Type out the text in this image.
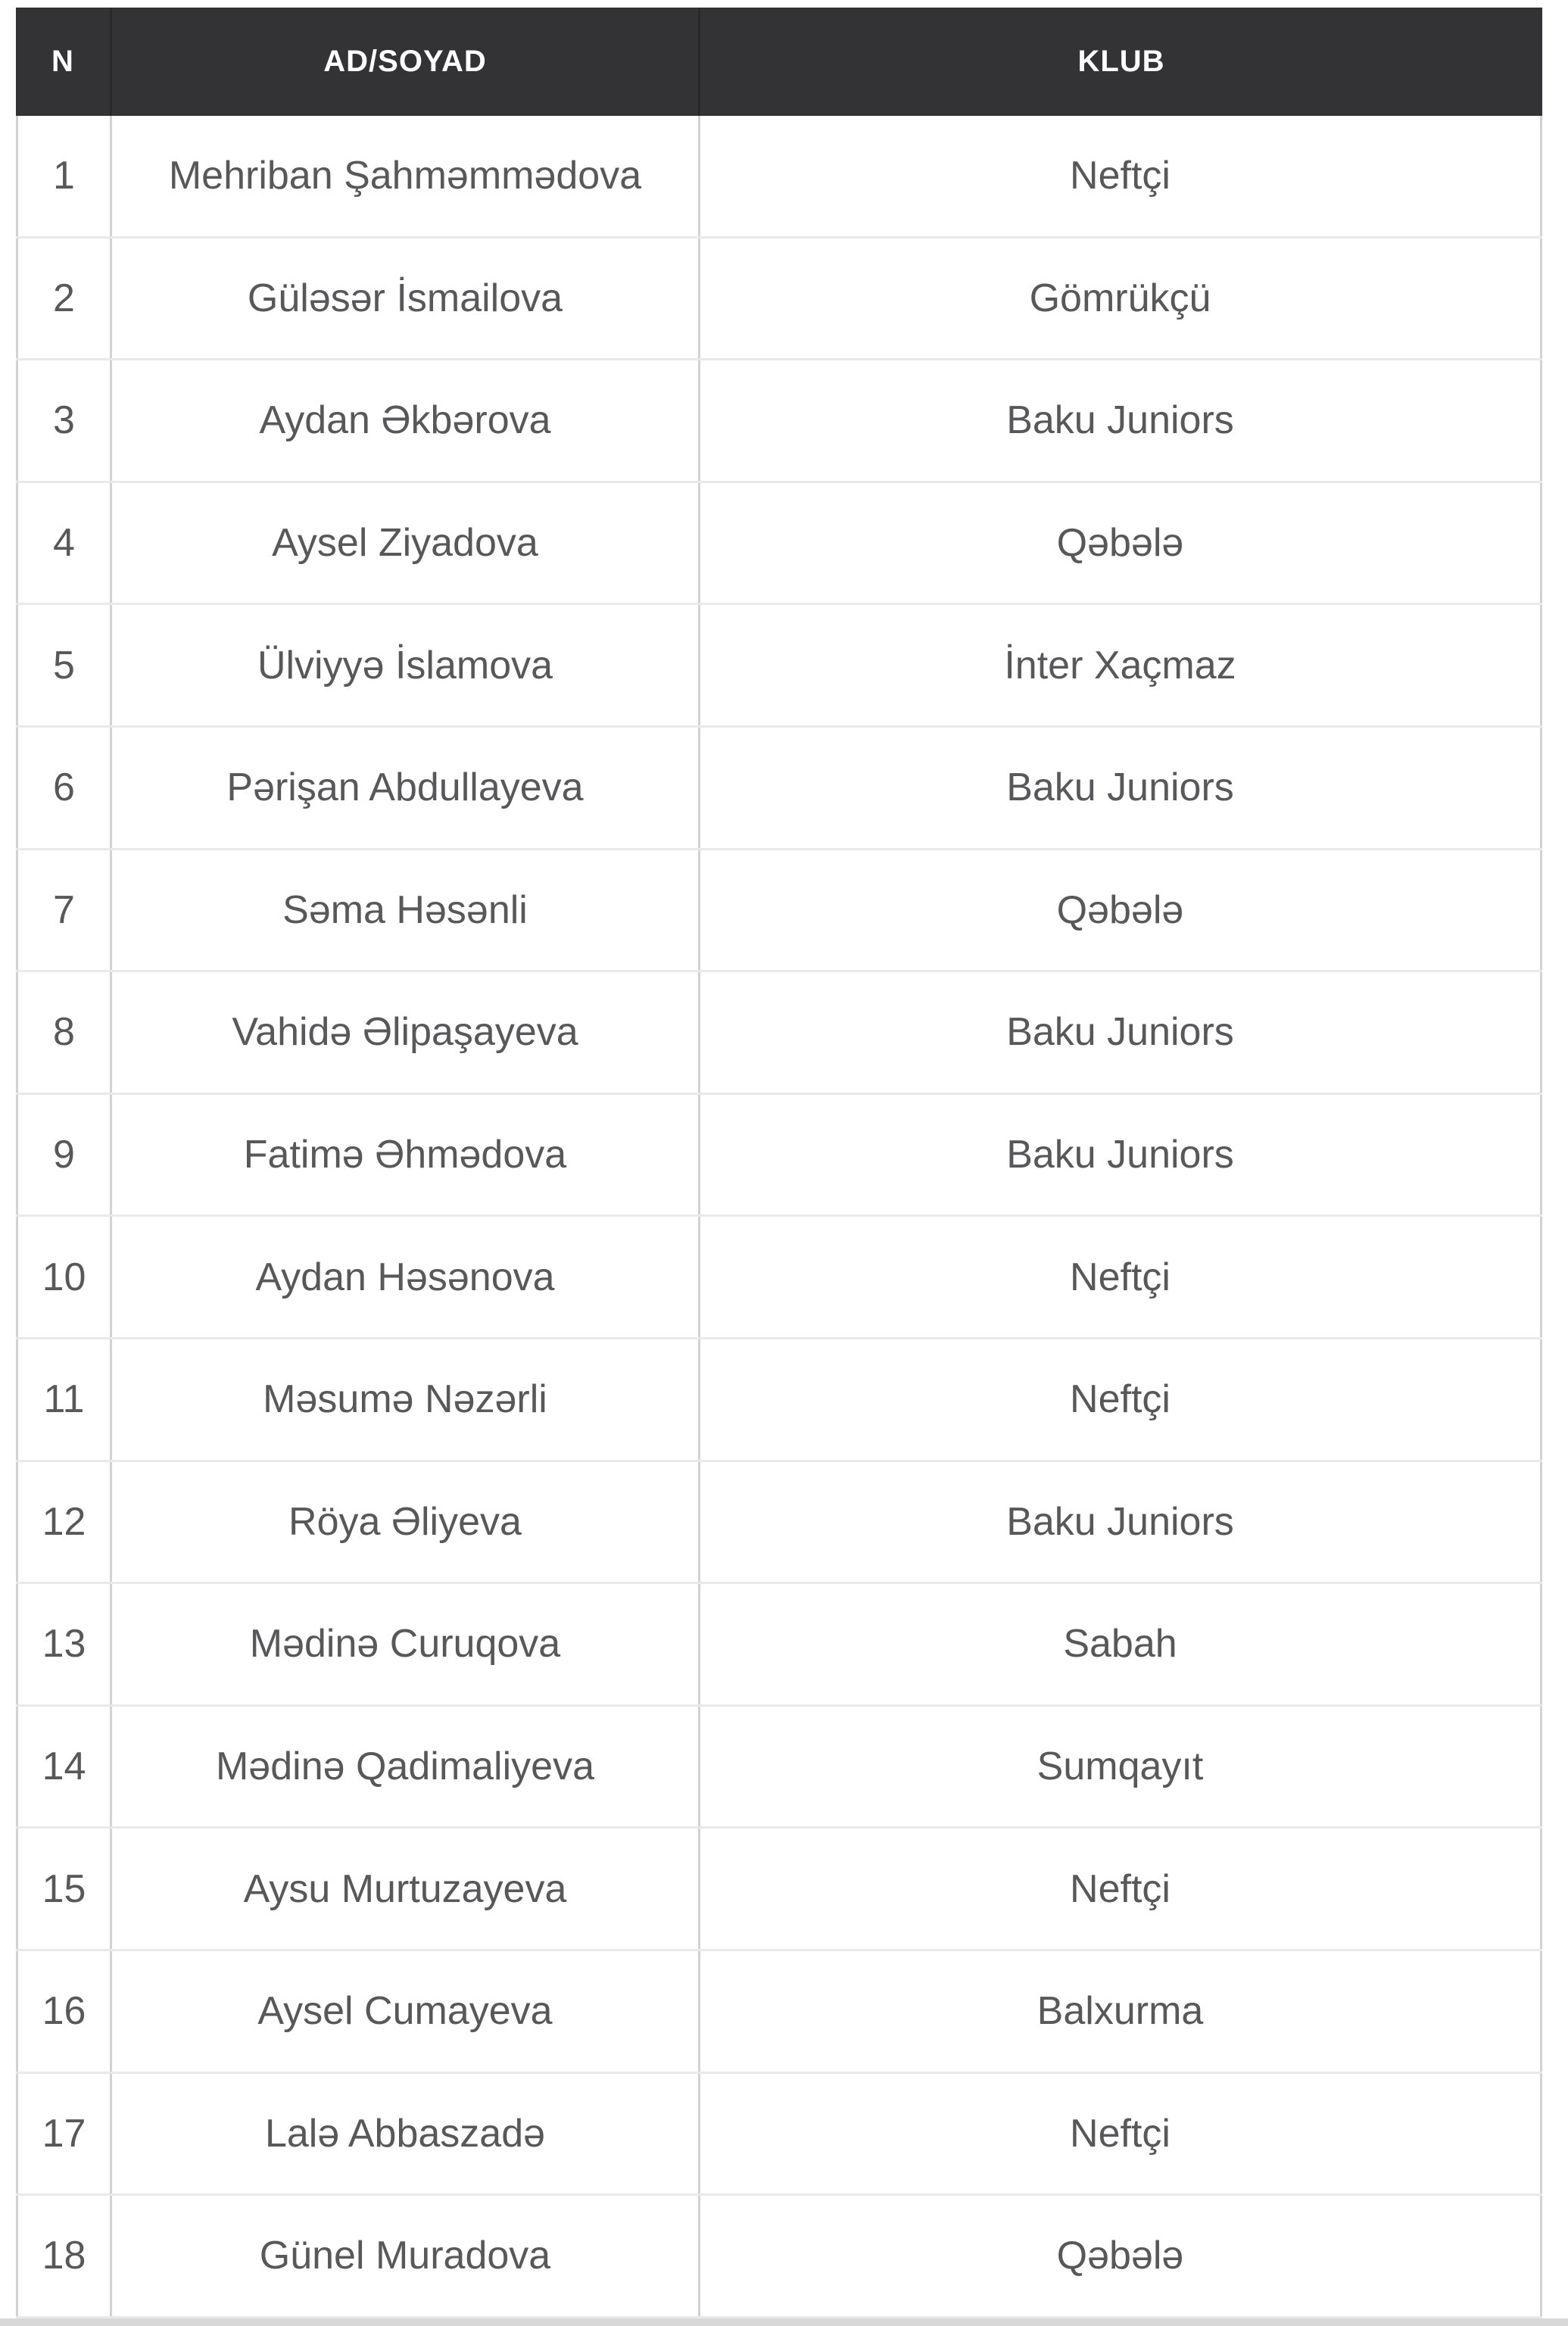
N	AD/SOYAD	KLUB
1	Mehriban Şahməmmədova	Neftçi
2	Güləsər İsmailova	Gömrükçü
3	Aydan Əkbərova	Baku Juniors
4	Aysel Ziyadova	Qəbələ
5	Ülviyyə İslamova	İnter Xaçmaz
6	Pərişan Abdullayeva	Baku Juniors
7	Səma Həsənli	Qəbələ
8	Vahidə Əlipaşayeva	Baku Juniors
9	Fatimə Əhmədova	Baku Juniors
10	Aydan Həsənova	Neftçi
11	Məsumə Nəzərli	Neftçi
12	Röya Əliyeva	Baku Juniors
13	Mədinə Curuqova	Sabah
14	Mədinə Qadimaliyeva	Sumqayıt
15	Aysu Murtuzayeva	Neftçi
16	Aysel Cumayeva	Balxurma
17	Lalə Abbaszadə	Neftçi
18	Günel Muradova	Qəbələ
